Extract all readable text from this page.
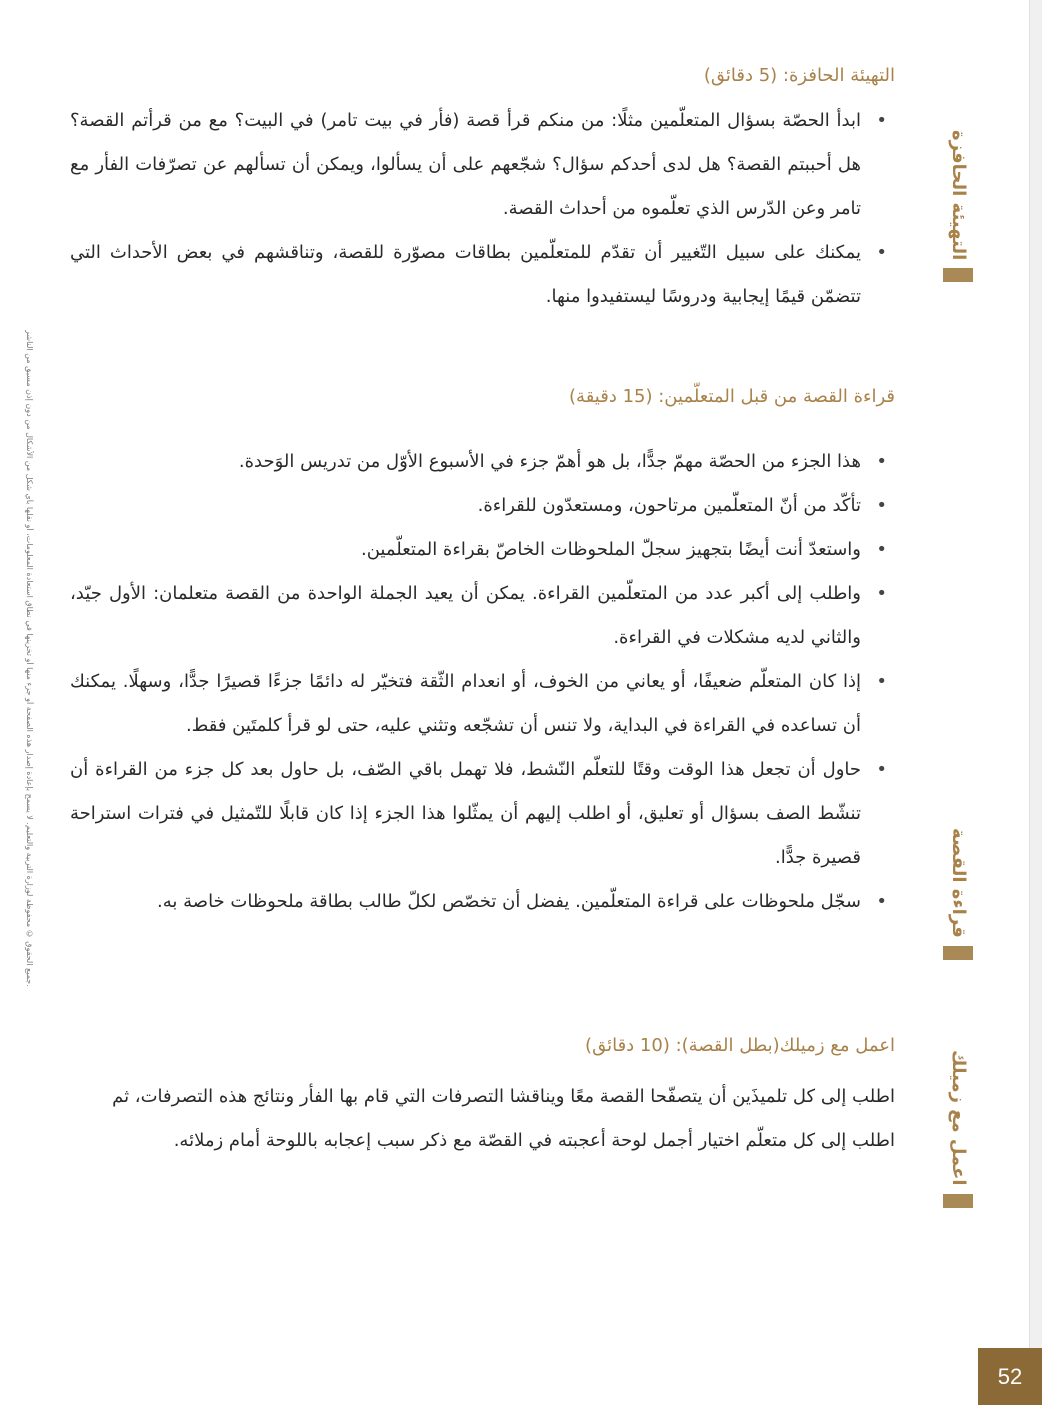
جميع الحقوق © محفوظة لوزارة التربية والتعليم. لا يسمح بإعادة إصدار هذه الصفحة أو جزء منها أو تخزينها في نطاق استعادة المعلومات، أو نقلها بأي شكل من الأشكال من دون إذن مسبق من الناشر.
التهيئة الحافزة
قراءة القصة
اعمل مع زميلك
التهيئة الحافزة: (5 دقائق)
• ابدأ الحصّة بسؤال المتعلّمين مثلًا: من منكم قرأ قصة (فأر في بيت تامر) في البيت؟ مع من قرأتم القصة؟ هل أحببتم القصة؟ هل لدى أحدكم سؤال؟ شجّعهم على أن يسألوا، ويمكن أن تسألهم عن تصرّفات الفأر مع تامر وعن الدّرس الذي تعلّموه من أحداث القصة.
• يمكنك على سبيل التّغيير أن تقدّم للمتعلّمين بطاقات مصوّرة للقصة، وتناقشهم في بعض الأحداث التي تتضمّن قيمًا إيجابية ودروسًا ليستفيدوا منها.
قراءة القصة من قبل المتعلّمين: (15 دقيقة)
• هذا الجزء من الحصّة مهمّ جدًّا، بل هو أهمّ جزء في الأسبوع الأوّل من تدريس الوَحدة.
• تأكّد من أنّ المتعلّمين مرتاحون، ومستعدّون للقراءة.
• واستعدّ أنت أيضًا بتجهيز سجلّ الملحوظات الخاصّ بقراءة المتعلّمين.
• واطلب إلى أكبر عدد من المتعلّمين القراءة. يمكن أن يعيد الجملة الواحدة من القصة متعلمان: الأول جيّد، والثاني لديه مشكلات في القراءة.
• إذا كان المتعلّم ضعيفًا، أو يعاني من الخوف، أو انعدام الثّقة فتخيّر له دائمًا جزءًا قصيرًا جدًّا، وسهلًا. يمكنك أن تساعده في القراءة في البداية، ولا تنس أن تشجّعه وتثني عليه، حتى لو قرأ كلمتَين فقط.
• حاول أن تجعل هذا الوقت وقتًا للتعلّم النّشط، فلا تهمل باقي الصّف، بل حاول بعد كل جزء من القراءة أن تنشّط الصف بسؤال أو تعليق، أو اطلب إليهم أن يمثّلوا هذا الجزء إذا كان قابلًا للتّمثيل في فترات استراحة قصيرة جدًّا.
• سجّل ملحوظات على قراءة المتعلّمين. يفضل أن تخصّص لكلّ طالب بطاقة ملحوظات خاصة به.
اعمل مع زميلك(بطل القصة): (10 دقائق)

اطلب إلى كل تلميذَين أن يتصفّحا القصة معًا ويناقشا التصرفات التي قام بها الفأر ونتائج هذه التصرفات، ثم اطلب إلى كل متعلّم اختيار أجمل لوحة أعجبته في القصّة مع ذكر سبب إعجابه باللوحة أمام زملائه.

52
